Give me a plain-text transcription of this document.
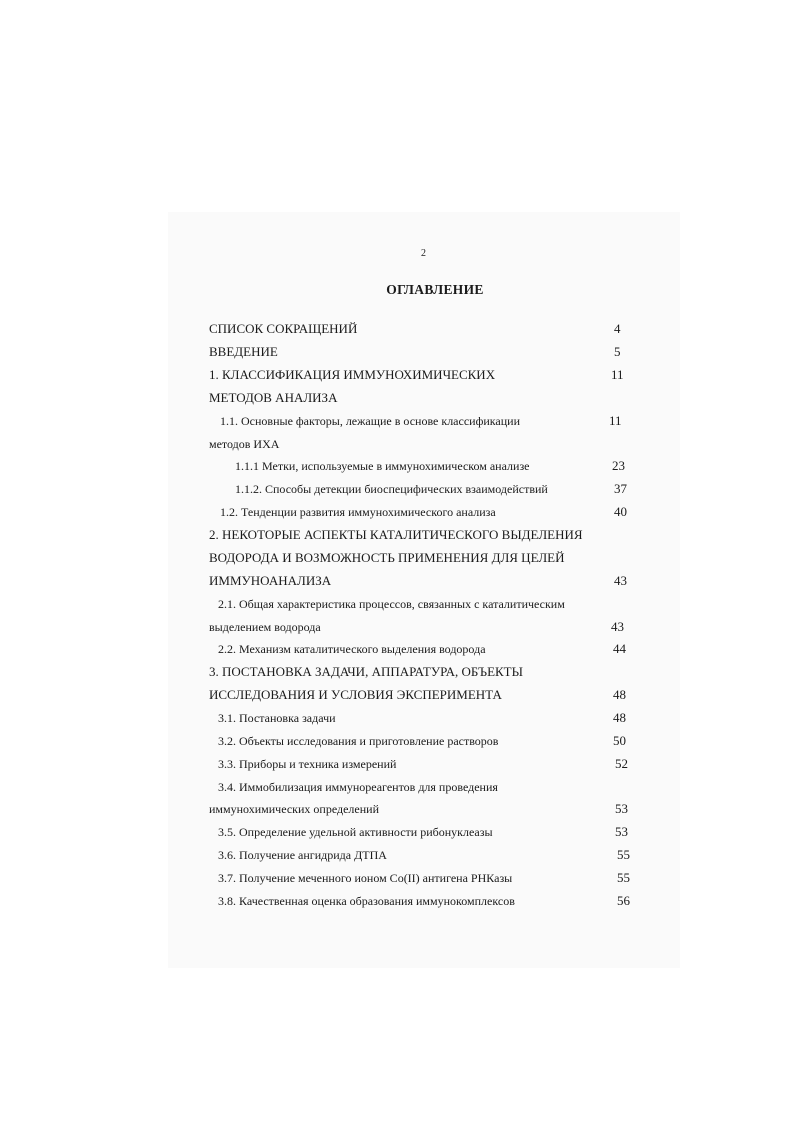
2
ОГЛАВЛЕНИЕ
СПИСОК СОКРАЩЕНИЙ	4
ВВЕДЕНИЕ	5
1. КЛАССИФИКАЦИЯ ИММУНОХИМИЧЕСКИХ	11
МЕТОДОВ АНАЛИЗА
1.1. Основные факторы, лежащие в основе классификации	11
методов ИХА
1.1.1 Метки, используемые в иммунохимическом анализе	23
1.1.2. Способы детекции биоспецифических взаимодействий	37
1.2. Тенденции развития иммунохимического анализа	40
2. НЕКОТОРЫЕ АСПЕКТЫ КАТАЛИТИЧЕСКОГО ВЫДЕЛЕНИЯ
ВОДОРОДА И ВОЗМОЖНОСТЬ ПРИМЕНЕНИЯ ДЛЯ ЦЕЛЕЙ
ИММУНОАНАЛИЗА	43
2.1. Общая характеристика процессов, связанных с каталитическим
выделением водорода	43
2.2. Механизм каталитического выделения водорода	44
3. ПОСТАНОВКА ЗАДАЧИ, АППАРАТУРА, ОБЪЕКТЫ
ИССЛЕДОВАНИЯ И УСЛОВИЯ ЭКСПЕРИМЕНТА	48
3.1. Постановка задачи	48
3.2. Объекты исследования и приготовление растворов	50
3.3. Приборы и техника измерений	52
3.4. Иммобилизация иммунореагентов для проведения
иммунохимических определений	53
3.5. Определение удельной активности рибонуклеазы	53
3.6. Получение ангидрида ДТПА	55
3.7. Получение меченного ионом Со(II) антигена РНКазы	55
3.8. Качественная оценка образования иммунокомплексов	56
